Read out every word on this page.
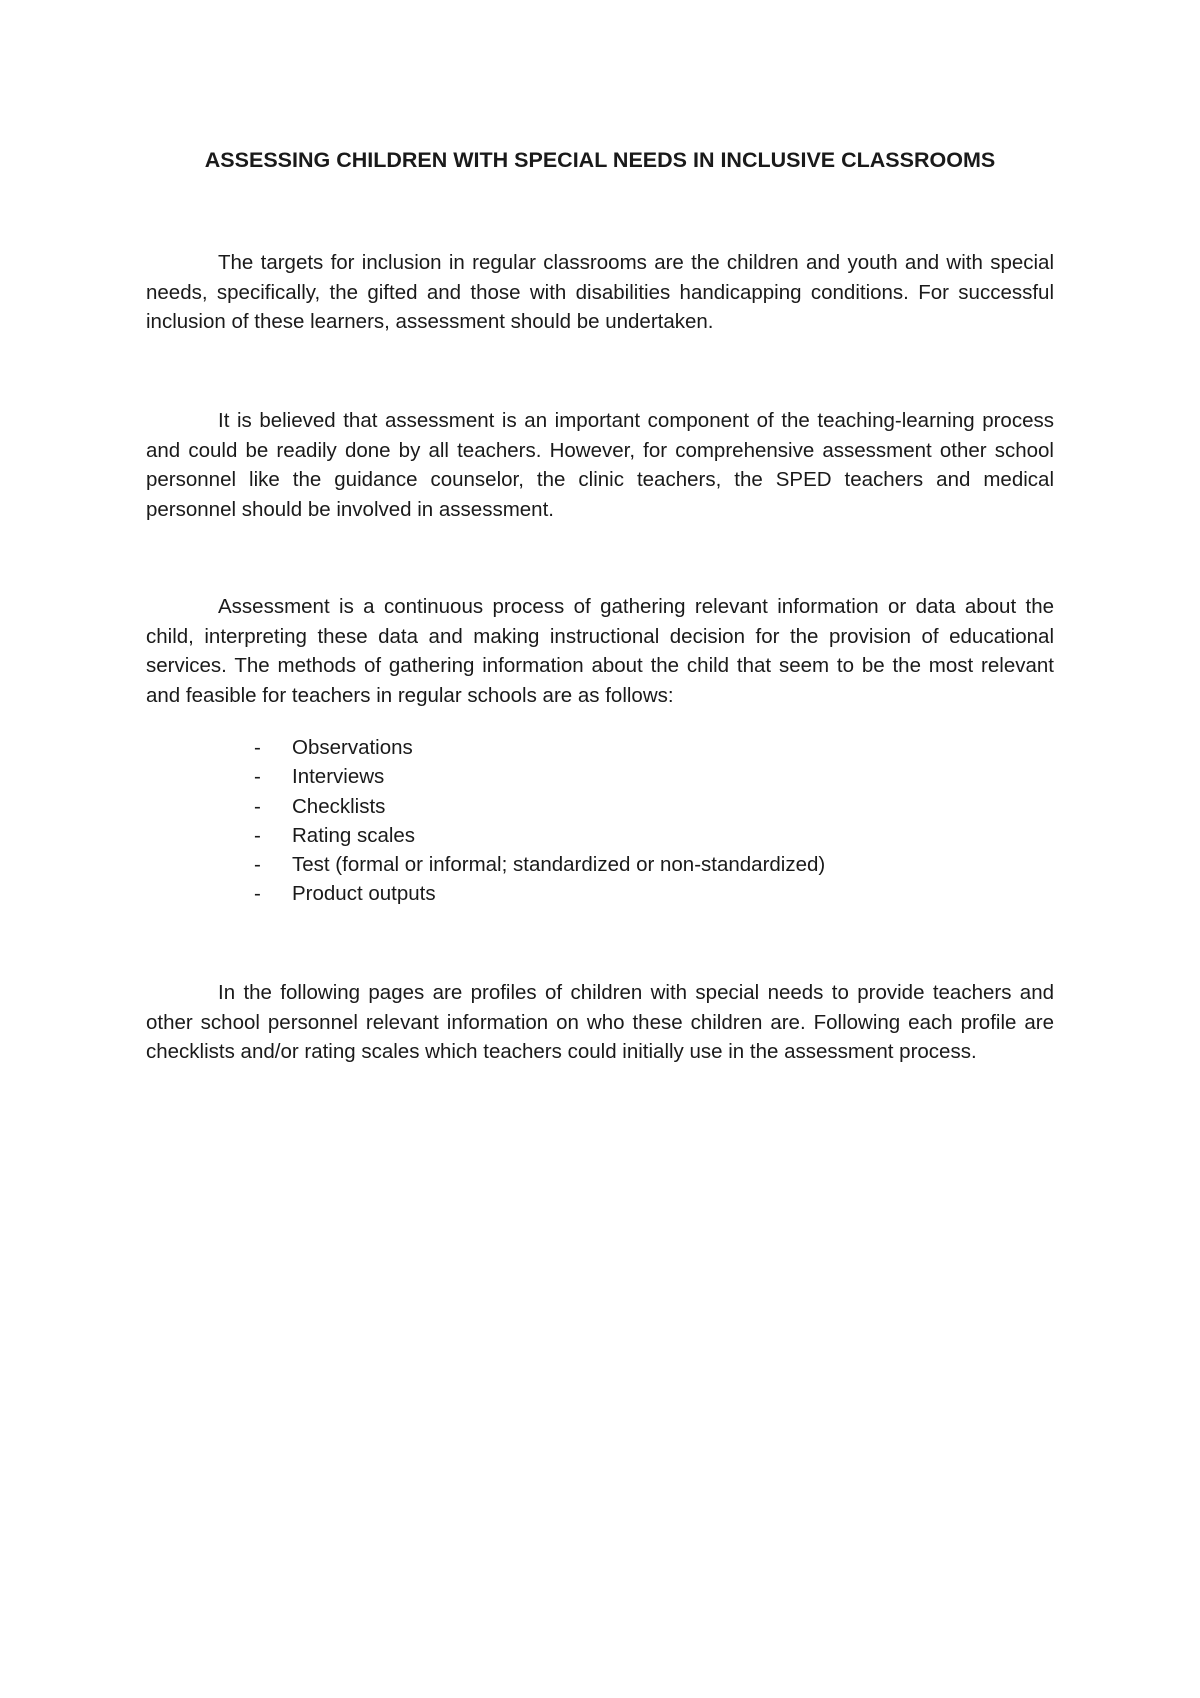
ASSESSING CHILDREN WITH SPECIAL NEEDS IN INCLUSIVE CLASSROOMS

The targets for inclusion in regular classrooms are the children and youth and with special needs, specifically, the gifted and those with disabilities handicapping conditions. For successful inclusion of these learners, assessment should be undertaken.

It is believed that assessment is an important component of the teaching-learning process and could be readily done by all teachers. However, for comprehensive assessment other school personnel like the guidance counselor, the clinic teachers, the SPED teachers and medical personnel should be involved in assessment.

Assessment is a continuous process of gathering relevant information or data about the child, interpreting these data and making instructional decision for the provision of educational services. The methods of gathering information about the child that seem to be the most relevant and feasible for teachers in regular schools are as follows:

-	Observations
-	Interviews
-	Checklists
-	Rating scales
-	Test (formal or informal; standardized or non-standardized)
-	Product outputs

In the following pages are profiles of children with special needs to provide teachers and other school personnel relevant information on who these children are. Following each profile are checklists and/or rating scales which teachers could initially use in the assessment process.
